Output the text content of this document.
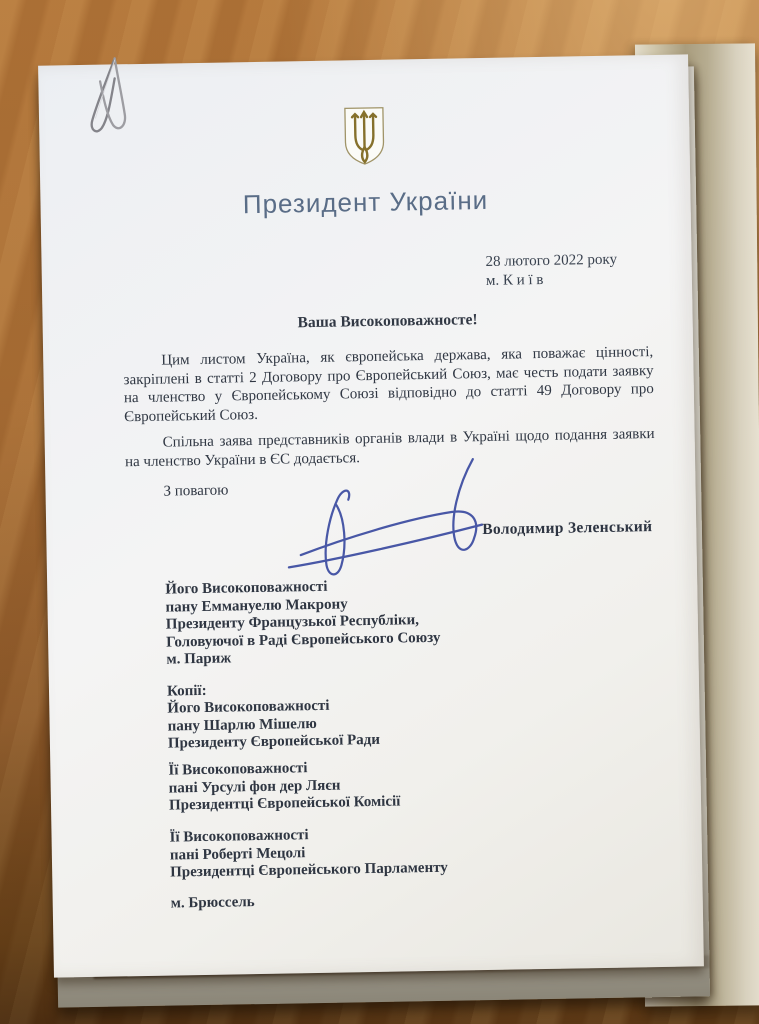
Президент України
28 лютого 2022 року
м. К и ї в
Ваша Високоповажносте!
Цим листом Україна, як європейська держава, яка поважає цінності, закріплені в статті 2 Договору про Європейський Союз, має честь подати заявку на членство у Європейському Союзі відповідно до статті 49 Договору про Європейський Союз.
Спільна заява представників органів влади в Україні щодо подання заявки на членство України в ЄС додається.
З повагою
Володимир Зеленський
Його Високоповажності
пану Еммануелю Макрону
Президенту Французької Республіки,
Головуючої в Раді Європейського Союзу
м. Париж
Копії:
Його Високоповажності
пану Шарлю Мішелю
Президенту Європейської Ради
Її Високоповажності
пані Урсулі фон дер Ляєн
Президентці Європейської Комісії
Її Високоповажності
пані Роберті Мецолі
Президентці Європейського Парламенту
м. Брюссель
